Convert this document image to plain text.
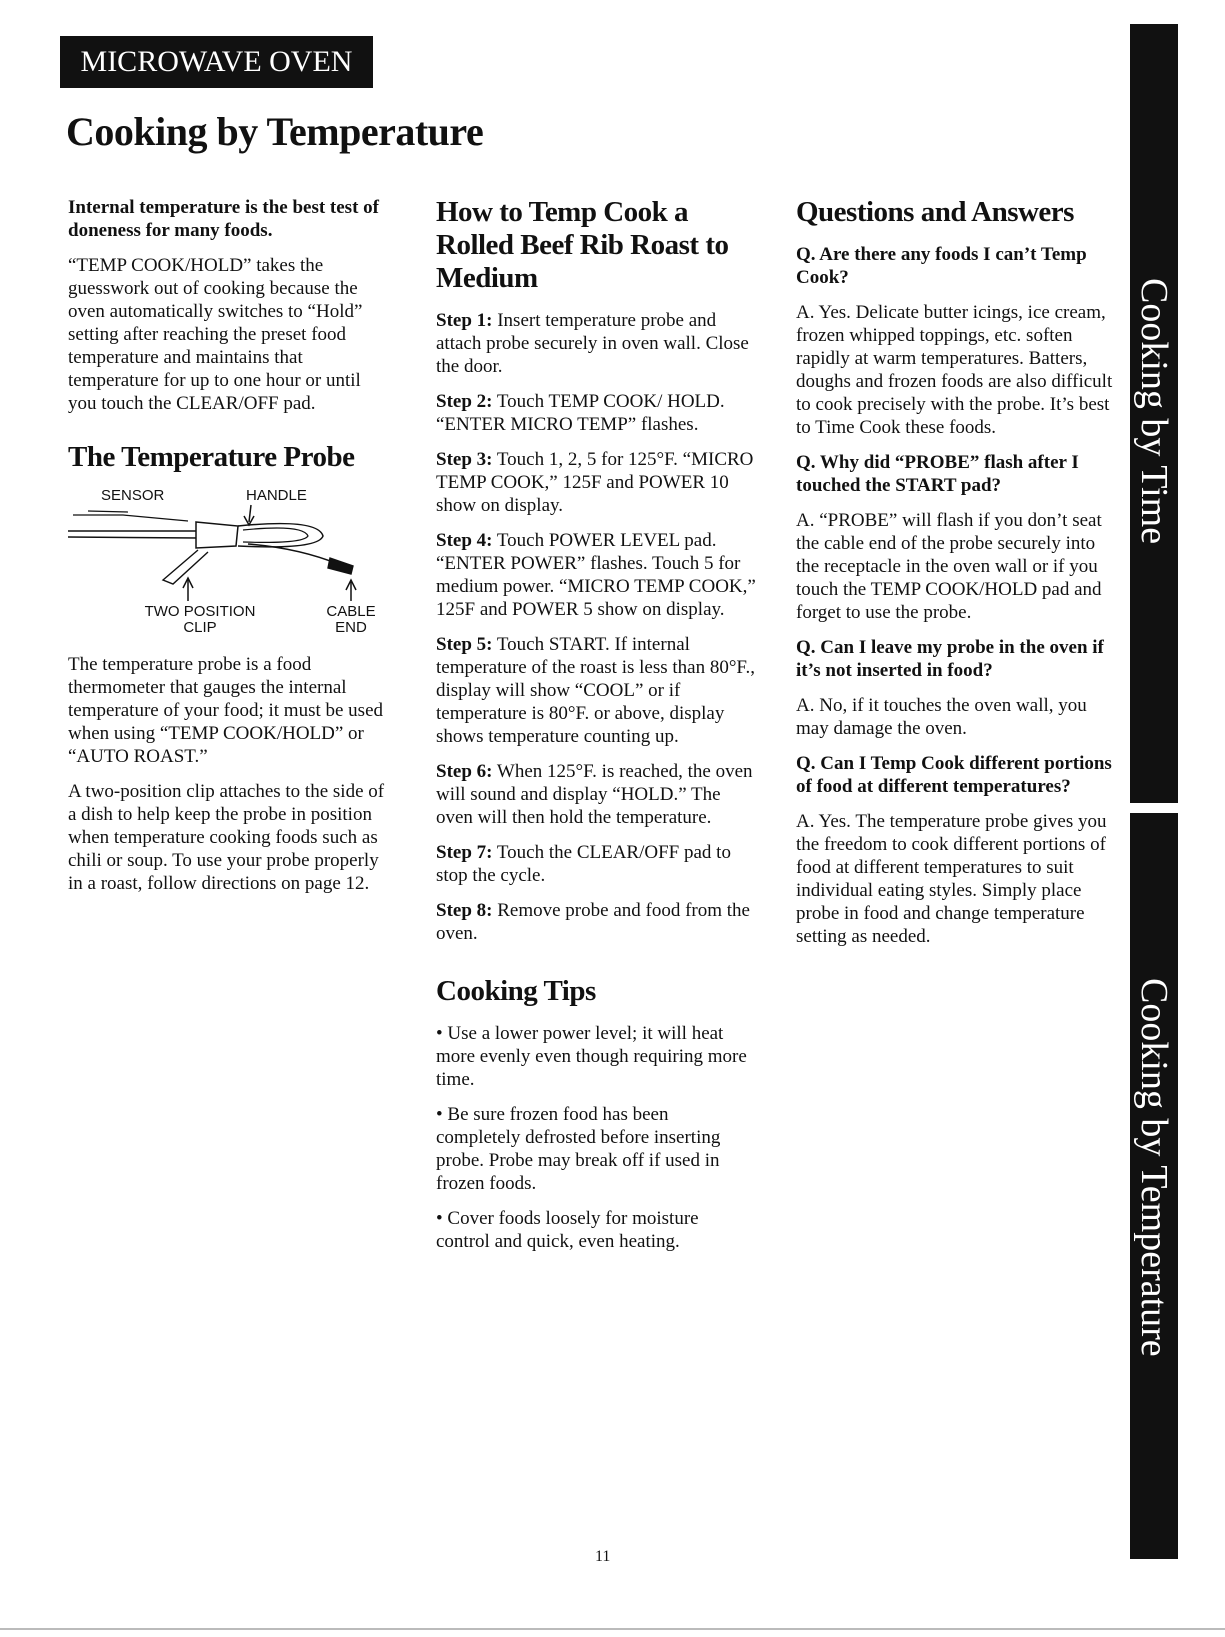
MICROWAVE OVEN
Cooking by Temperature

Internal temperature is the best test of doneness for many foods.

“TEMP COOK/HOLD” takes the guesswork out of cooking because the oven automatically switches to “Hold” setting after reaching the preset food temperature and maintains that temperature for up to one hour or until you touch the CLEAR/OFF pad.

The Temperature Probe
SENSOR	HANDLE
TWO POSITION CLIP
CABLE END

The temperature probe is a food thermometer that gauges the internal temperature of your food; it must be used when using “TEMP COOK/HOLD” or “AUTO ROAST.”

A two-position clip attaches to the side of a dish to help keep the probe in position when temperature cooking foods such as chili or soup. To use your probe properly in a roast, follow directions on page 12.

How to Temp Cook a Rolled Beef Rib Roast to Medium

Step 1: Insert temperature probe and attach probe securely in oven wall. Close the door.

Step 2: Touch TEMP COOK/ HOLD. “ENTER MICRO TEMP” flashes.

Step 3: Touch 1, 2, 5 for 125°F. “MICRO TEMP COOK,” 125F and POWER 10 show on display.

Step 4: Touch POWER LEVEL pad. “ENTER POWER” flashes. Touch 5 for medium power. “MICRO TEMP COOK,” 125F and POWER 5 show on display.

Step 5: Touch START. If internal temperature of the roast is less than 80°F., display will show “COOL” or if temperature is 80°F. or above, display shows temperature counting up.

Step 6: When 125°F. is reached, the oven will sound and display “HOLD.” The oven will then hold the temperature.

Step 7: Touch the CLEAR/OFF pad to stop the cycle.

Step 8: Remove probe and food from the oven.

Cooking Tips

• Use a lower power level; it will heat more evenly even though requiring more time.

• Be sure frozen food has been completely defrosted before inserting probe. Probe may break off if used in frozen foods.

• Cover foods loosely for moisture control and quick, even heating.

Questions and Answers

Q. Are there any foods I can’t Temp Cook?

A. Yes. Delicate butter icings, ice cream, frozen whipped toppings, etc. soften rapidly at warm temperatures. Batters, doughs and frozen foods are also difficult to cook precisely with the probe. It’s best to Time Cook these foods.

Q. Why did “PROBE” flash after I touched the START pad?

A. “PROBE” will flash if you don’t seat the cable end of the probe securely into the receptacle in the oven wall or if you touch the TEMP COOK/HOLD pad and forget to use the probe.

Q. Can I leave my probe in the oven if it’s not inserted in food?

A. No, if it touches the oven wall, you may damage the oven.

Q. Can I Temp Cook different portions of food at different temperatures?

A. Yes. The temperature probe gives you the freedom to cook different portions of food at different temperatures to suit individual eating styles. Simply place probe in food and change temperature setting as needed.

Cooking by Time
Cooking by Temperature
11
